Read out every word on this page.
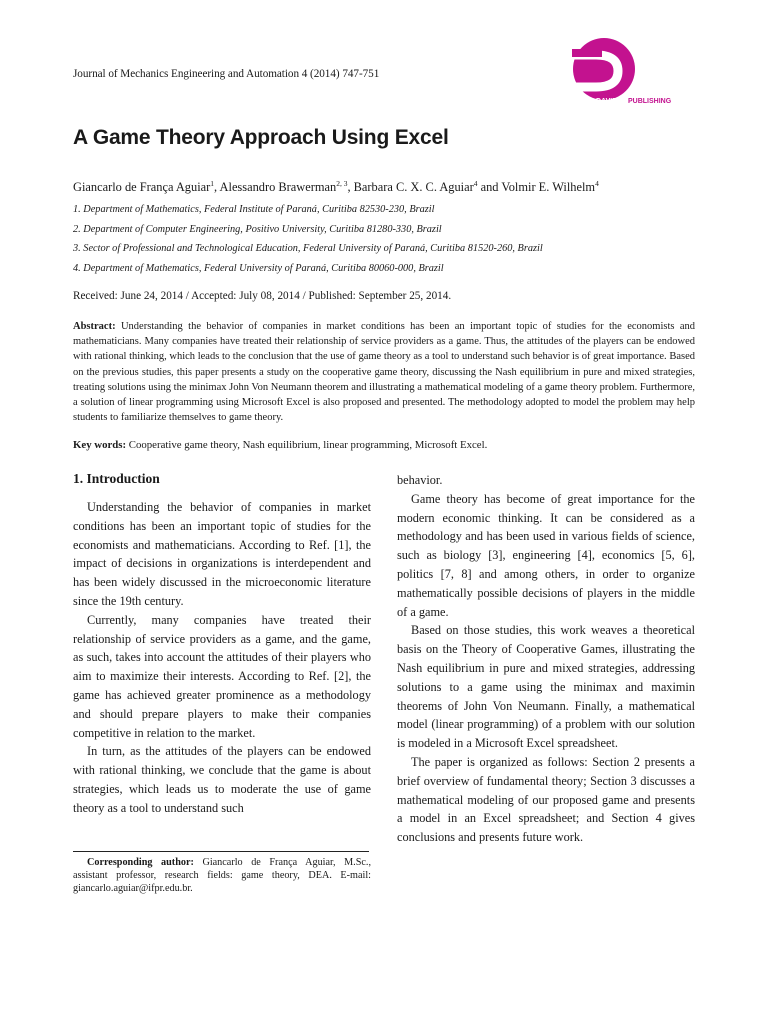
Journal of Mechanics Engineering and Automation 4 (2014) 747-751
D
DAVID PUBLISHING
A Game Theory Approach Using Excel
Giancarlo de França Aguiar$^1$, Alessandro Brawerman$^{2, 3}$, Barbara C. X. C. Aguiar$^4$ and Volmir E. Wilhelm$^4$
1. Department of Mathematics, Federal Institute of Paraná, Curitiba 82530-230, Brazil
2. Department of Computer Engineering, Positivo University, Curitiba 81280-330, Brazil
3. Sector of Professional and Technological Education, Federal University of Paraná, Curitiba 81520-260, Brazil
4. Department of Mathematics, Federal University of Paraná, Curitiba 80060-000, Brazil
Received: June 24, 2014 / Accepted: July 08, 2014 / Published: September 25, 2014.
Abstract: Understanding the behavior of companies in market conditions has been an important topic of studies for the economists and mathematicians. Many companies have treated their relationship of service providers as a game. Thus, the attitudes of the players can be endowed with rational thinking, which leads to the conclusion that the use of game theory as a tool to understand such behavior is of great importance. Based on the previous studies, this paper presents a study on the cooperative game theory, discussing the Nash equilibrium in pure and mixed strategies, treating solutions using the minimax John Von Neumann theorem and illustrating a mathematical modeling of a game theory problem. Furthermore, a solution of linear programming using Microsoft Excel is also proposed and presented. The methodology adopted to model the problem may help students to familiarize themselves to game theory.
Key words: Cooperative game theory, Nash equilibrium, linear programming, Microsoft Excel.
1. Introduction

Understanding the behavior of companies in market conditions has been an important topic of studies for the economists and mathematicians. According to Ref. [1], the impact of decisions in organizations is interdependent and has been widely discussed in the microeconomic literature since the 19th century.

Currently, many companies have treated their relationship of service providers as a game, and the game, as such, takes into account the attitudes of their players who aim to maximize their interests. According to Ref. [2], the game has achieved greater prominence as a methodology and should prepare players to make their companies competitive in relation to the market.

In turn, as the attitudes of the players can be endowed with rational thinking, we conclude that the game is about strategies, which leads us to moderate the use of game theory as a tool to understand such

behavior.

Game theory has become of great importance for the modern economic thinking. It can be considered as a methodology and has been used in various fields of science, such as biology [3], engineering [4], economics [5, 6], politics [7, 8] and among others, in order to organize mathematically possible decisions of players in the middle of a game.

Based on those studies, this work weaves a theoretical basis on the Theory of Cooperative Games, illustrating the Nash equilibrium in pure and mixed strategies, addressing solutions to a game using the minimax and maximin theorems of John Von Neumann. Finally, a mathematical model (linear programming) of a problem with our solution is modeled in a Microsoft Excel spreadsheet.

The paper is organized as follows: Section 2 presents a brief overview of fundamental theory; Section 3 discusses a mathematical modeling of our proposed game and presents a model in an Excel spreadsheet; and Section 4 gives conclusions and presents future work.

Corresponding author: Giancarlo de França Aguiar, M.Sc., assistant professor, research fields: game theory, DEA. E-mail: giancarlo.aguiar@ifpr.edu.br.
